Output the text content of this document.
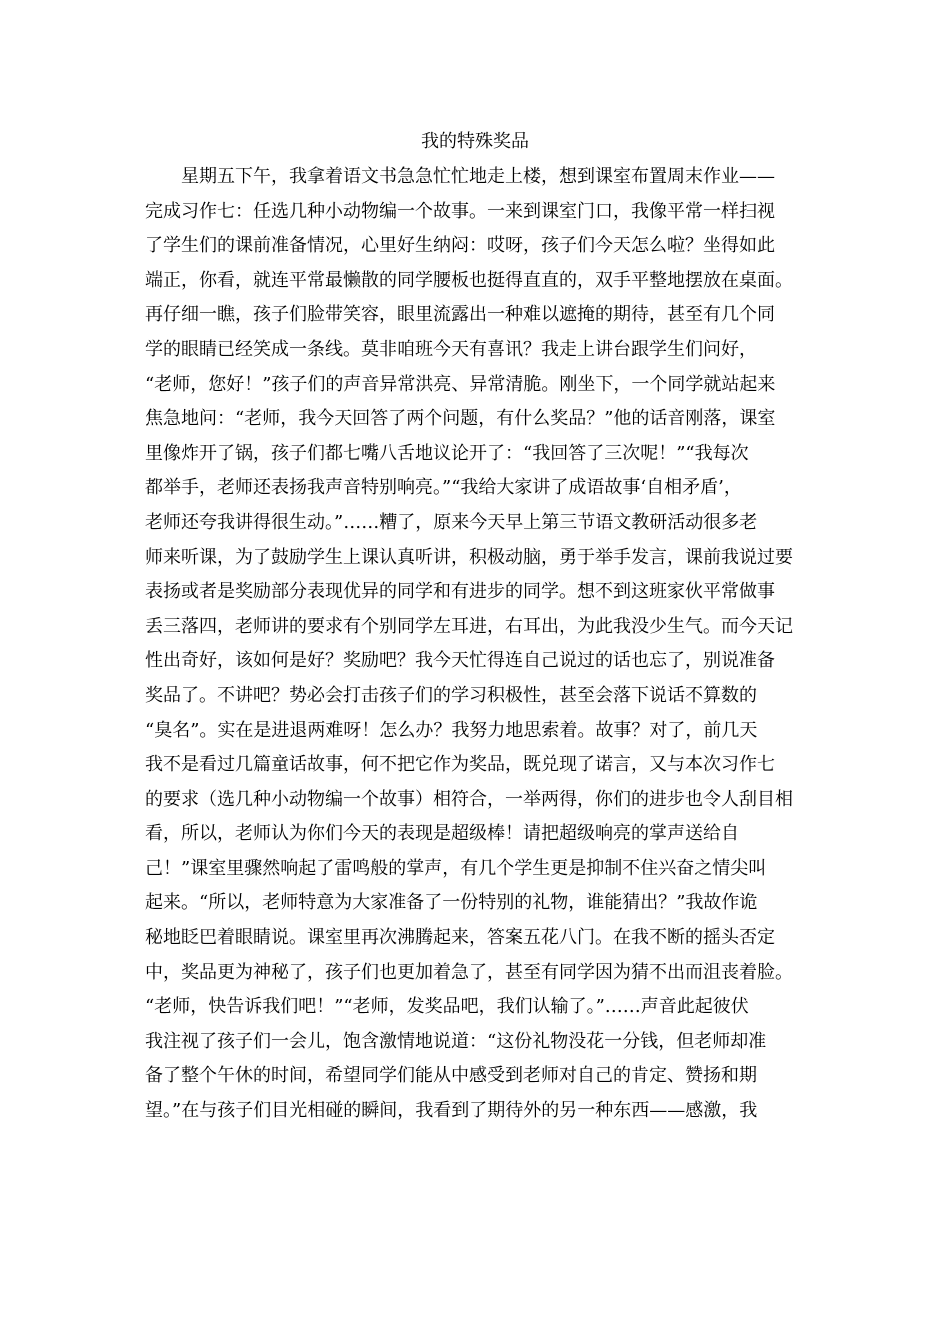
我的特殊奖品
　　星期五下午，我拿着语文书急急忙忙地走上楼，想到课室布置周末作业——
完成习作七：任选几种小动物编一个故事。一来到课室门口，我像平常一样扫视
了学生们的课前准备情况，心里好生纳闷：哎呀，孩子们今天怎么啦？坐得如此
端正，你看，就连平常最懒散的同学腰板也挺得直直的，双手平整地摆放在桌面。
再仔细一瞧，孩子们脸带笑容，眼里流露出一种难以遮掩的期待，甚至有几个同
学的眼睛已经笑成一条线。莫非咱班今天有喜讯？我走上讲台跟学生们问好，
“老师，您好！”孩子们的声音异常洪亮、异常清脆。刚坐下，一个同学就站起来
焦急地问：“老师，我今天回答了两个问题，有什么奖品？”他的话音刚落，课室
里像炸开了锅，孩子们都七嘴八舌地议论开了：“我回答了三次呢！”“我每次
都举手，老师还表扬我声音特别响亮。”“我给大家讲了成语故事‘自相矛盾’，
老师还夸我讲得很生动。”……糟了，原来今天早上第三节语文教研活动很多老
师来听课，为了鼓励学生上课认真听讲，积极动脑，勇于举手发言，课前我说过要
表扬或者是奖励部分表现优异的同学和有进步的同学。想不到这班家伙平常做事
丢三落四，老师讲的要求有个别同学左耳进，右耳出，为此我没少生气。而今天记
性出奇好，该如何是好？奖励吧？我今天忙得连自己说过的话也忘了，别说准备
奖品了。不讲吧？势必会打击孩子们的学习积极性，甚至会落下说话不算数的
“臭名”。实在是进退两难呀！怎么办？我努力地思索着。故事？对了，前几天
我不是看过几篇童话故事，何不把它作为奖品，既兑现了诺言，又与本次习作七
的要求（选几种小动物编一个故事）相符合，一举两得，你们的进步也令人刮目相
看，所以，老师认为你们今天的表现是超级棒！请把超级响亮的掌声送给自
己！”课室里骤然响起了雷鸣般的掌声，有几个学生更是抑制不住兴奋之情尖叫
起来。“所以，老师特意为大家准备了一份特别的礼物，谁能猜出？”我故作诡
秘地眨巴着眼睛说。课室里再次沸腾起来，答案五花八门。在我不断的摇头否定
中，奖品更为神秘了，孩子们也更加着急了，甚至有同学因为猜不出而沮丧着脸。
“老师，快告诉我们吧！”“老师，发奖品吧，我们认输了。”……声音此起彼伏
我注视了孩子们一会儿，饱含激情地说道：“这份礼物没花一分钱，但老师却准
备了整个午休的时间，希望同学们能从中感受到老师对自己的肯定、赞扬和期
望。”在与孩子们目光相碰的瞬间，我看到了期待外的另一种东西——感激，我
